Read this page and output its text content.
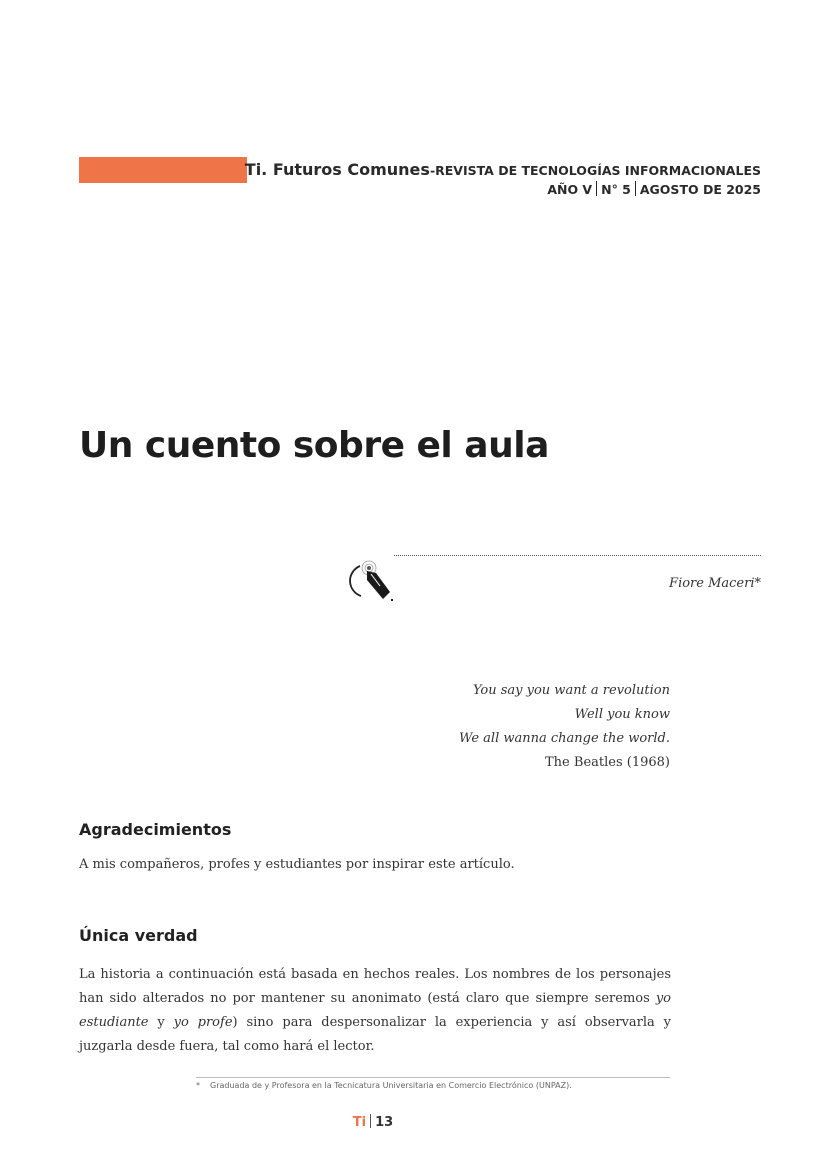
Ti. Futuros Comunes-REVISTA DE TECNOLOGÍAS INFORMACIONALES
AÑO V N° 5 AGOSTO DE 2025
Un cuento sobre el aula
Fiore Maceri*
You say you want a revolution
Well you know
We all wanna change the world.
The Beatles (1968)
Agradecimientos

A mis compañeros, profes y estudiantes por inspirar este artículo.

Única verdad

La historia a continuación está basada en hechos reales. Los nombres de los personajes han sido alterados no por mantener su anonimato (está claro que siempre seremos yo estudiante y yo profe) sino para despersonalizar la experiencia y así observarla y juzgarla desde fuera, tal como hará el lector.

* Graduada de y Profesora en la Tecnicatura Universitaria en Comercio Electrónico (UNPAZ).
Ti 13
